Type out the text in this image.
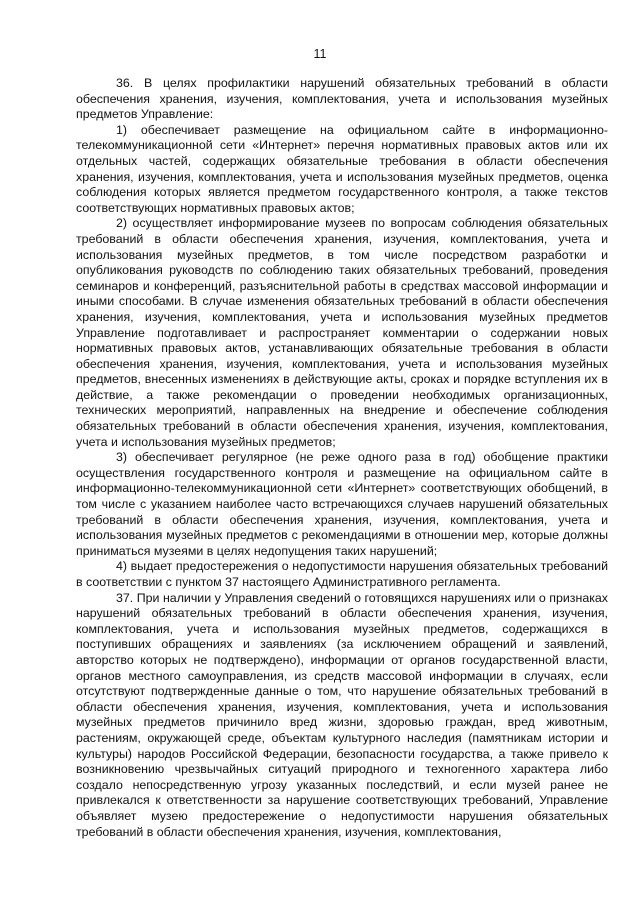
11

36. В целях профилактики нарушений обязательных требований в области обеспечения хранения, изучения, комплектования, учета и использования музейных предметов Управление:

1) обеспечивает размещение на официальном сайте в информационно-телекоммуникационной сети «Интернет» перечня нормативных правовых актов или их отдельных частей, содержащих обязательные требования в области обеспечения хранения, изучения, комплектования, учета и использования музейных предметов, оценка соблюдения которых является предметом государственного контроля, а также текстов соответствующих нормативных правовых актов;

2) осуществляет информирование музеев по вопросам соблюдения обязательных требований в области обеспечения хранения, изучения, комплектования, учета и использования музейных предметов, в том числе посредством разработки и опубликования руководств по соблюдению таких обязательных требований, проведения семинаров и конференций, разъяснительной работы в средствах массовой информации и иными способами. В случае изменения обязательных требований в области обеспечения хранения, изучения, комплектования, учета и использования музейных предметов Управление подготавливает и распространяет комментарии о содержании новых нормативных правовых актов, устанавливающих обязательные требования в области обеспечения хранения, изучения, комплектования, учета и использования музейных предметов, внесенных изменениях в действующие акты, сроках и порядке вступления их в действие, а также рекомендации о проведении необходимых организационных, технических мероприятий, направленных на внедрение и обеспечение соблюдения обязательных требований в области обеспечения хранения, изучения, комплектования, учета и использования музейных предметов;

3) обеспечивает регулярное (не реже одного раза в год) обобщение практики осуществления государственного контроля и размещение на официальном сайте в информационно-телекоммуникационной сети «Интернет» соответствующих обобщений, в том числе с указанием наиболее часто встречающихся случаев нарушений обязательных требований в области обеспечения хранения, изучения, комплектования, учета и использования музейных предметов с рекомендациями в отношении мер, которые должны приниматься музеями в целях недопущения таких нарушений;

4) выдает предостережения о недопустимости нарушения обязательных требований в соответствии с пунктом 37 настоящего Административного регламента.

37. При наличии у Управления сведений о готовящихся нарушениях или о признаках нарушений обязательных требований в области обеспечения хранения, изучения, комплектования, учета и использования музейных предметов, содержащихся в поступивших обращениях и заявлениях (за исключением обращений и заявлений, авторство которых не подтверждено), информации от органов государственной власти, органов местного самоуправления, из средств массовой информации в случаях, если отсутствуют подтвержденные данные о том, что нарушение обязательных требований в области обеспечения хранения, изучения, комплектования, учета и использования музейных предметов причинило вред жизни, здоровью граждан, вред животным, растениям, окружающей среде, объектам культурного наследия (памятникам истории и культуры) народов Российской Федерации, безопасности государства, а также привело к возникновению чрезвычайных ситуаций природного и техногенного характера либо создало непосредственную угрозу указанных последствий, и если музей ранее не привлекался к ответственности за нарушение соответствующих требований, Управление объявляет музею предостережение о недопустимости нарушения обязательных требований в области обеспечения хранения, изучения, комплектования,
